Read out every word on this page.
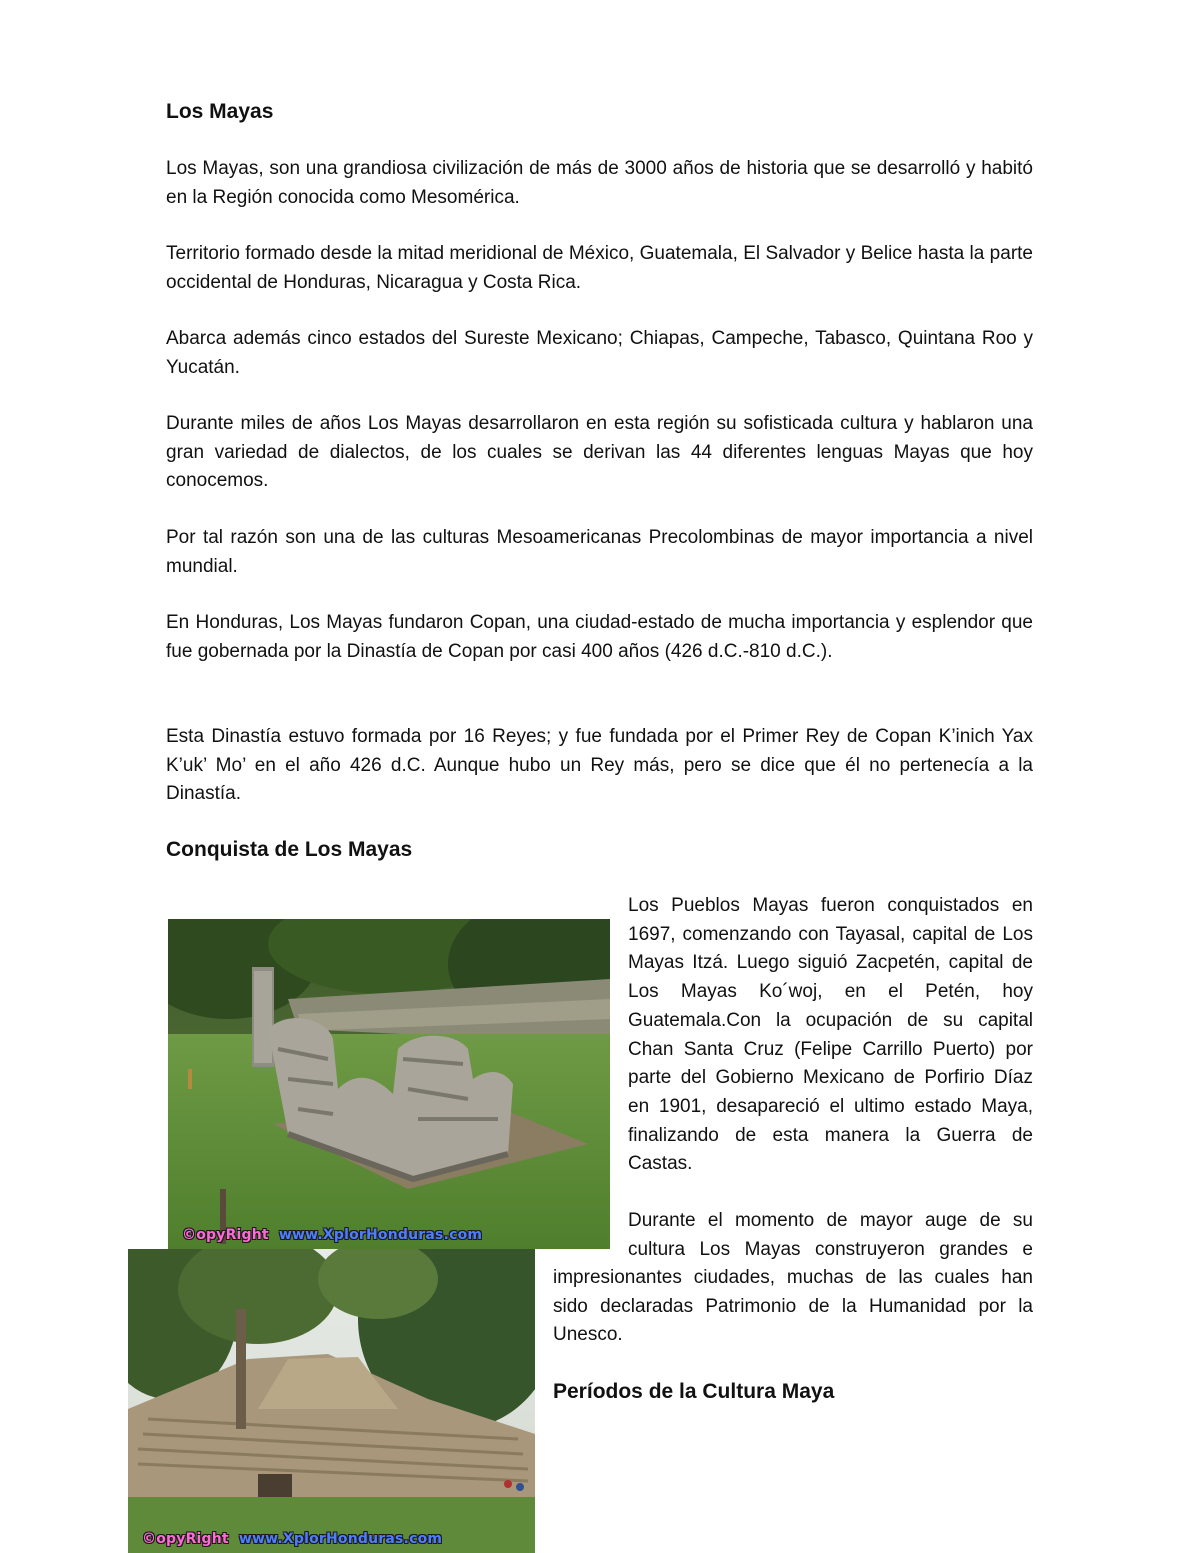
Los Mayas

Los Mayas, son una grandiosa civilización de más de 3000 años de historia que se desarrolló y habitó en la Región conocida como Mesomérica.

Territorio formado desde la mitad meridional de México, Guatemala, El Salvador y Belice hasta la parte occidental de Honduras, Nicaragua y Costa Rica.

Abarca además cinco estados del Sureste Mexicano; Chiapas, Campeche, Tabasco, Quintana Roo y Yucatán.

Durante miles de años Los Mayas desarrollaron en esta región su sofisticada cultura y hablaron una gran variedad de dialectos, de los cuales se derivan las 44 diferentes lenguas Mayas que hoy conocemos.

Por tal razón son una de las culturas Mesoamericanas Precolombinas de mayor importancia a nivel mundial.

En Honduras, Los Mayas fundaron Copan, una ciudad-estado de mucha importancia y esplendor que fue gobernada por la Dinastía de Copan por casi 400 años (426 d.C.-810 d.C.).

Esta Dinastía estuvo formada por 16 Reyes; y fue fundada por el Primer Rey de Copan K’inich Yax K’uk’ Mo’ en el año 426 d.C. Aunque hubo un Rey más, pero se dice que él no pertenecía a la Dinastía.

Conquista de Los Mayas

Los Pueblos Mayas fueron conquistados en 1697, comenzando con Tayasal, capital de Los Mayas Itzá. Luego siguió Zacpetén, capital de Los Mayas Ko´woj, en el Petén, hoy Guatemala.Con la ocupación de su capital Chan Santa Cruz (Felipe Carrillo Puerto) por parte del Gobierno Mexicano de Porfirio Díaz en 1901, desapareció el ultimo estado Maya, finalizando de esta manera la Guerra de Castas.

Durante el momento de mayor auge de su cultura Los Mayas construyeron grandes e

impresionantes ciudades, muchas de las cuales han sido declaradas Patrimonio de la Humanidad por la Unesco.

Períodos de la Cultura Maya
©opyRight www.XplorHonduras.com
©opyRight www.XplorHonduras.com
